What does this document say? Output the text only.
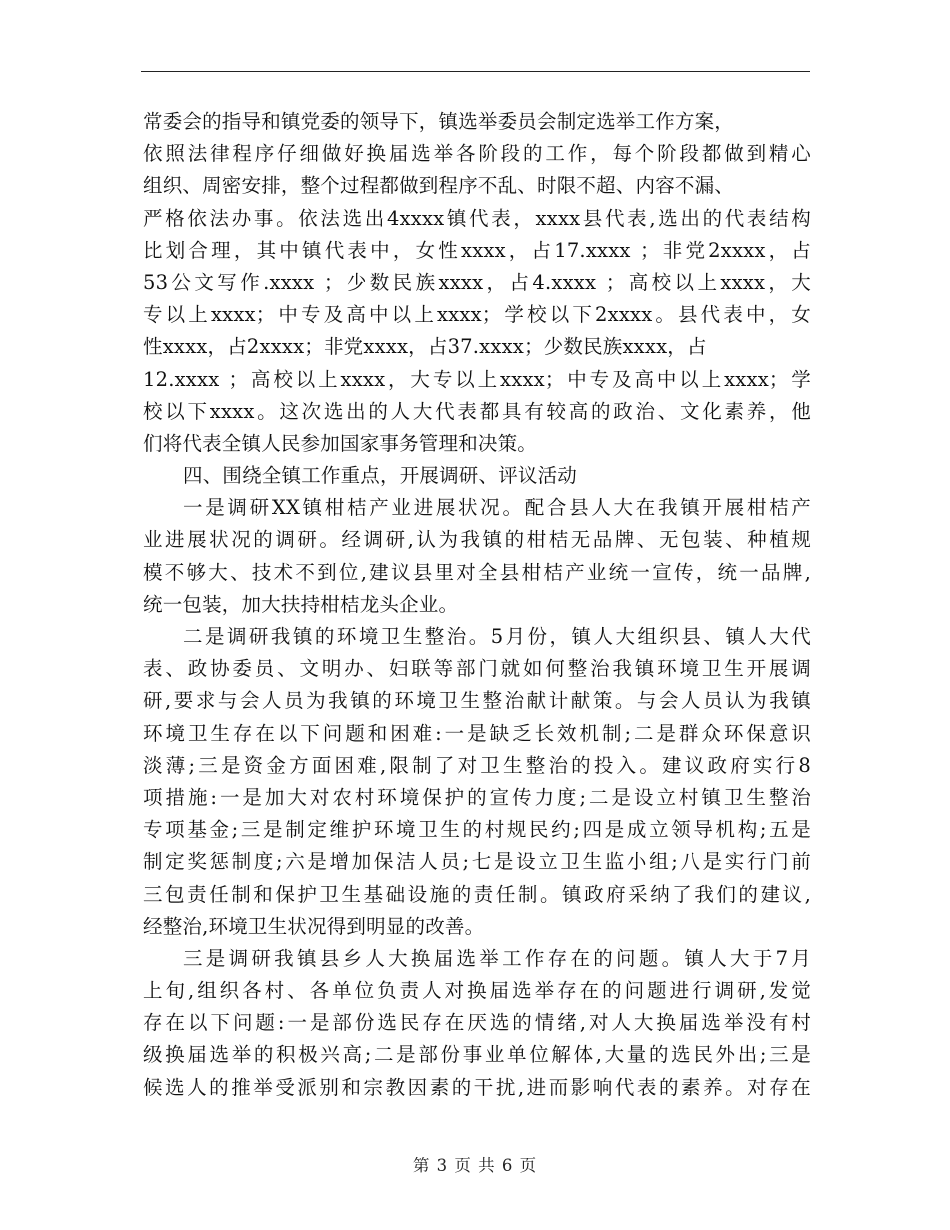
常委会的指导和镇党委的领导下，镇选举委员会制定选举工作方案，
依照法律程序仔细做好换届选举各阶段的工作，每个阶段都做到精心
组织、周密安排，整个过程都做到程序不乱、时限不超、内容不漏、
严格依法办事。依法选出4xxxx镇代表，xxxx县代表,选出的代表结构
比划合理，其中镇代表中，女性xxxx，占17.xxxx ；非党2xxxx，占
53公文写作.xxxx ；少数民族xxxx，占4.xxxx ；高校以上xxxx，大
专以上xxxx；中专及高中以上xxxx；学校以下2xxxx。县代表中，女
性xxxx，占2xxxx；非党xxxx，占37.xxxx；少数民族xxxx，占
12.xxxx ；高校以上xxxx，大专以上xxxx；中专及高中以上xxxx；学
校以下xxxx。这次选出的人大代表都具有较高的政治、文化素养，他
们将代表全镇人民参加国家事务管理和决策。
四、围绕全镇工作重点，开展调研、评议活动
一是调研XX镇柑桔产业进展状况。配合县人大在我镇开展柑桔产
业进展状况的调研。经调研,认为我镇的柑桔无品牌、无包装、种植规
模不够大、技术不到位,建议县里对全县柑桔产业统一宣传，统一品牌,
统一包装，加大扶持柑桔龙头企业。
二是调研我镇的环境卫生整治。5月份，镇人大组织县、镇人大代
表、政协委员、文明办、妇联等部门就如何整治我镇环境卫生开展调
研,要求与会人员为我镇的环境卫生整治献计献策。与会人员认为我镇
环境卫生存在以下问题和困难:一是缺乏长效机制;二是群众环保意识
淡薄;三是资金方面困难,限制了对卫生整治的投入。建议政府实行8
项措施:一是加大对农村环境保护的宣传力度;二是设立村镇卫生整治
专项基金;三是制定维护环境卫生的村规民约;四是成立领导机构;五是
制定奖惩制度;六是增加保洁人员;七是设立卫生监小组;八是实行门前
三包责任制和保护卫生基础设施的责任制。镇政府采纳了我们的建议,
经整治,环境卫生状况得到明显的改善。
三是调研我镇县乡人大换届选举工作存在的问题。镇人大于7月
上旬,组织各村、各单位负责人对换届选举存在的问题进行调研,发觉
存在以下问题:一是部份选民存在厌选的情绪,对人大换届选举没有村
级换届选举的积极兴高;二是部份事业单位解体,大量的选民外出;三是
候选人的推举受派别和宗教因素的干扰,进而影响代表的素养。对存在
第 3 页 共 6 页
